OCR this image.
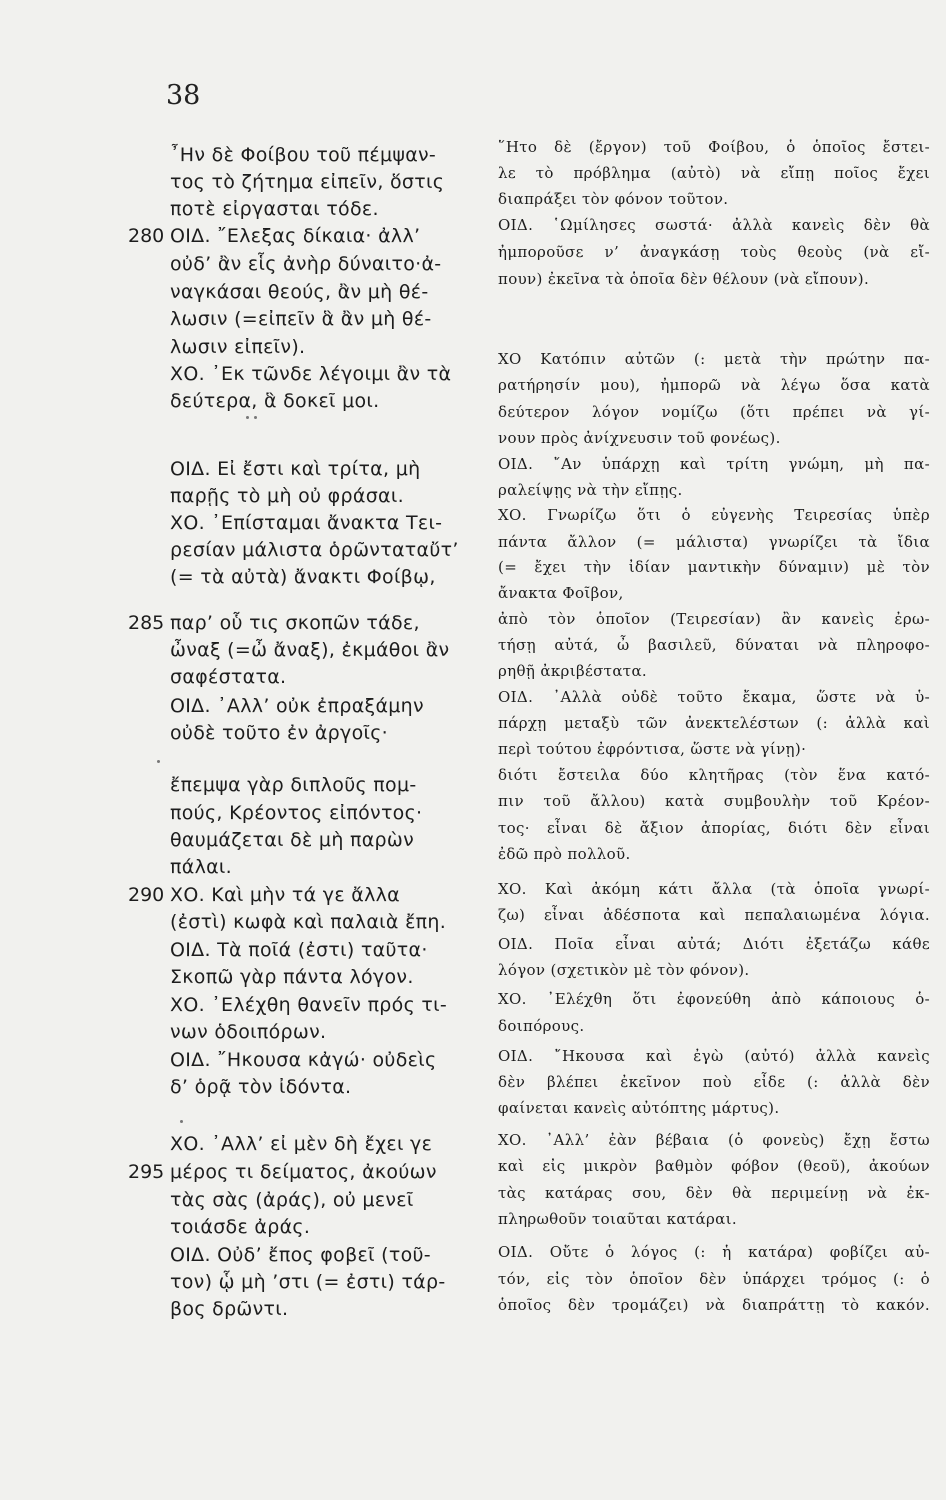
38
῏Ην δὲ Φοίβου τοῦ πέμψαν-
τος τὸ ζήτημα εἰπεῖν, ὅστις
ποτὲ εἰργασται τόδε.
ΟΙΔ. ῎Ελεξας δίκαια· ἀλλ’
οὐδ’ ἂν εἷς ἀνὴρ δύναιτο·ἀ-
ναγκάσαι θεούς, ἂν μὴ θέ-
λωσιν (=εἰπεῖν ἃ ἂν μὴ θέ-
λωσιν εἰπεῖν).
ΧΟ. ᾿Εκ τῶνδε λέγοιμι ἂν τὰ
δεύτερα, ἃ δοκεῖ μοι.
ΟΙΔ. Εἰ ἔστι καὶ τρίτα, μὴ
παρῇς τὸ μὴ οὐ φράσαι.
ΧΟ. ᾿Επίσταμαι ἄνακτα Τει-
ρεσίαν μάλιστα ὁρῶνταταὔτ’
(= τὰ αὐτὰ) ἄνακτι Φοίβῳ,
παρ’ οὗ τις σκοπῶν τάδε,
ὦναξ (=ὦ ἄναξ), ἐκμάθοι ἂν
σαφέστατα.
ΟΙΔ. ᾿Αλλ’ οὐκ ἐπραξάμην
οὐδὲ τοῦτο ἐν ἀργοῖς·
ἔπεμψα γὰρ διπλοῦς πομ-
πούς, Κρέοντος εἰπόντος·
θαυμάζεται δὲ μὴ παρὼν
πάλαι.
ΧΟ. Καὶ μὴν τά γε ἄλλα
(ἐστὶ) κωφὰ καὶ παλαιὰ ἔπη.
ΟΙΔ. Τὰ ποῖά (ἐστι) ταῦτα·
Σκοπῶ γὰρ πάντα λόγον.
ΧΟ. ᾿Ελέχθη θανεῖν πρός τι-
νων ὁδοιπόρων.
ΟΙΔ. ῎Ηκουσα κἀγώ· οὐδεὶς
δ’ ὁρᾷ τὸν ἰδόντα.
ΧΟ. ᾿Αλλ’ εἰ μὲν δὴ ἔχει γε
μέρος τι δείματος, ἀκούων
τὰς σὰς (ἀράς), οὐ μενεῖ
τοιάσδε ἀράς.
ΟΙΔ. Οὐδ’ ἔπος φοβεῖ (τοῦ-
τον) ᾧ μὴ ’στι (= ἐστι) τάρ-
βος δρῶντι.
280
285
290
295
῞Ητο δὲ (ἔργον) τοῦ Φοίβου, ὁ ὁποῖος ἔστει-
λε τὸ πρόβλημα (αὐτὸ) νὰ εἴπῃ ποῖος ἔχει
διαπράξει τὸν φόνον τοῦτον.
ΟΙΔ. ῾Ωμίλησες σωστά· ἀλλὰ κανεὶς δὲν θὰ
ἠμποροῦσε ν’ ἀναγκάσῃ τοὺς θεοὺς (νὰ εἴ-
πουν) ἐκεῖνα τὰ ὁποῖα δὲν θέλουν (νὰ εἴπουν).
ΧΟ Κατόπιν αὐτῶν (: μετὰ τὴν πρώτην πα-
ρατήρησίν μου), ἠμπορῶ νὰ λέγω ὅσα κατὰ
δεύτερον λόγον νομίζω (ὅτι πρέπει νὰ γί-
νουν πρὸς ἀνίχνευσιν τοῦ φονέως).
ΟΙΔ. ῎Αν ὑπάρχῃ καὶ τρίτη γνώμη, μὴ πα-
ραλείψῃς νὰ τὴν εἴπῃς.
ΧΟ. Γνωρίζω ὅτι ὁ εὐγενὴς Τειρεσίας ὑπὲρ
πάντα ἄλλον (= μάλιστα) γνωρίζει τὰ ἴδια
(= ἔχει τὴν ἰδίαν μαντικὴν δύναμιν) μὲ τὸν
ἄνακτα Φοῖβον,
ἀπὸ τὸν ὁποῖον (Τειρεσίαν) ἂν κανεὶς ἐρω-
τήσῃ αὐτά, ὦ βασιλεῦ, δύναται νὰ πληροφο-
ρηθῇ ἀκριβέστατα.
ΟΙΔ. ᾿Αλλὰ οὐδὲ τοῦτο ἔκαμα, ὥστε νὰ ὑ-
πάρχῃ μεταξὺ τῶν ἀνεκτελέστων (: ἀλλὰ καὶ
περὶ τούτου ἐφρόντισα, ὥστε νὰ γίνῃ)·
διότι ἔστειλα δύο κλητῆρας (τὸν ἕνα κατό-
πιν τοῦ ἄλλου) κατὰ συμβουλὴν τοῦ Κρέον-
τος· εἶναι δὲ ἄξιον ἀπορίας, διότι δὲν εἶναι
ἐδῶ πρὸ πολλοῦ.
ΧΟ. Καὶ ἀκόμη κάτι ἄλλα (τὰ ὁποῖα γνωρί-
ζω) εἶναι ἀδέσποτα καὶ πεπαλαιωμένα λόγια.
ΟΙΔ. Ποῖα εἶναι αὐτά; Διότι ἐξετάζω κάθε
λόγον (σχετικὸν μὲ τὸν φόνον).
ΧΟ. ᾿Ελέχθη ὅτι ἐφονεύθη ἀπὸ κάποιους ὁ-
δοιπόρους.
ΟΙΔ. ῎Ηκουσα καὶ ἐγὼ (αὐτό) ἀλλὰ κανεὶς
δὲν βλέπει ἐκεῖνον ποὺ εἶδε (: ἀλλὰ δὲν
φαίνεται κανεὶς αὐτόπτης μάρτυς).
ΧΟ. ᾿Αλλ’ ἐὰν βέβαια (ὁ φονεὺς) ἔχῃ ἔστω
καὶ εἰς μικρὸν βαθμὸν φόβον (θεοῦ), ἀκούων
τὰς κατάρας σου, δὲν θὰ περιμείνῃ νὰ ἐκ-
πληρωθοῦν τοιαῦται κατάραι.
ΟΙΔ. Οὔτε ὁ λόγος (: ἡ κατάρα) φοβίζει αὐ-
τόν, εἰς τὸν ὁποῖον δὲν ὑπάρχει τρόμος (: ὁ
ὁποῖος δὲν τρομάζει) νὰ διαπράττῃ τὸ κακόν.
